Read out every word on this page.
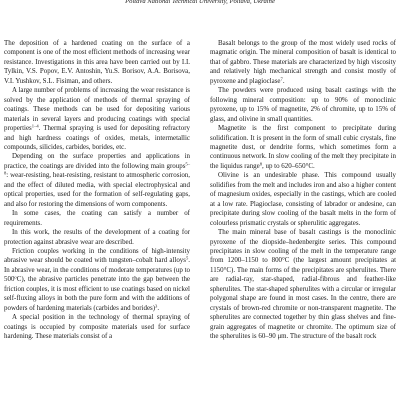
Poltava National Technical University, Poltava, Ukraine

The deposition of a hardened coating on the surface of a component is one of the most efficient methods of increasing wear resistance. Investigations in this area have been carried out by I.I. Tylkin, V.S. Popov, E.V. Antoshin, Yu.S. Borisov, A.A. Borisova, V.I. Yushkov, S.L. Fisiman, and others.

A large number of problems of increasing the wear resistance is solved by the application of methods of thermal spraying of coatings. These methods can be used for depositing various materials in several layers and producing coatings with special properties$^{1-4}$. Thermal spraying is used for depositing refractory and high hardness coatings of oxides, metals, intermetallic compounds, silicides, carbides, borides, etc.

Depending on the surface properties and applications in practice, the coatings are divided into the following main groups$^{5-8}$: wear-resisting, heat-resisting, resistant to atmospheric corrosion, and the effect of diluted media, with special electrophysical and optical properties, used for the formation of self-regulating gaps, and also for restoring the dimensions of worn components.

In some cases, the coating can satisfy a number of requirements.

In this work, the results of the development of a coating for protection against abrasive wear are described.

Friction couples working in the conditions of high-intensity abrasive wear should be coated with tungsten–cobalt hard alloys$^5$. In abrasive wear, in the conditions of moderate temperatures (up to 500$^o$C), the abrasive particles penetrate into the gap between the friction couples, it is most efficient to use coatings based on nickel self-fluxing alloys in both the pure form and with the additions of powders of hardening materials (carbides and borides)$^3$.

A special position in the technology of thermal spraying of coatings is occupied by composite materials used for surface hardening. These materials consist of a

Basalt belongs to the group of the most widely used rocks of magmatic origin. The mineral composition of basalt is identical to that of gabbro. These materials are characterized by high viscosity and relatively high mechanical strength and consist mostly of pyroxene and plagioclase$^7$.

The powders were produced using basalt castings with the following mineral composition: up to 90% of monoclinic pyroxene, up to 15% of magnetite, 2% of chromite, up to 15% of glass, and olivine in small quantities.

Magnetite is the first component to precipitate during solidification. It is present in the form of small cubic crystals, fine magnetite dust, or dendrite forms, which sometimes form a continuous network. In slow cooling of the melt they precipitate in the liquidus range$^8$, up to 620–650°C.

Olivine is an undesirable phase. This compound usually solidifies from the melt and includes iron and also a higher content of magnesium oxides, especially in the castings, which are cooled at a low rate. Plagioclase, consisting of labrador or andesine, can precipitate during slow cooling of the basalt melts in the form of colourless prismatic crystals or spherulitic aggregates.

The main mineral base of basalt castings is the monoclinic pyroxene of the diopside–hedenbergite series. This compound precipitates in slow cooling of the melt in the temperature range from 1200–1150 to 800°C (the largest amount precipitates at 1150°C). The main forms of the precipitates are spherulites. There are radial-ray, star-shaped, radial-fibrous and feather-like spherulites. The star-shaped spherulites with a circular or irregular polygonal shape are found in most cases. In the centre, there are crystals of brown-red chromite or non-transparent magnetite. The spherulites are connected together by thin glass shelves and fine-grain aggregates of magnetite or chromite. The optimum size of the spherulites is 60–90 μm. The structure of the basalt rock
